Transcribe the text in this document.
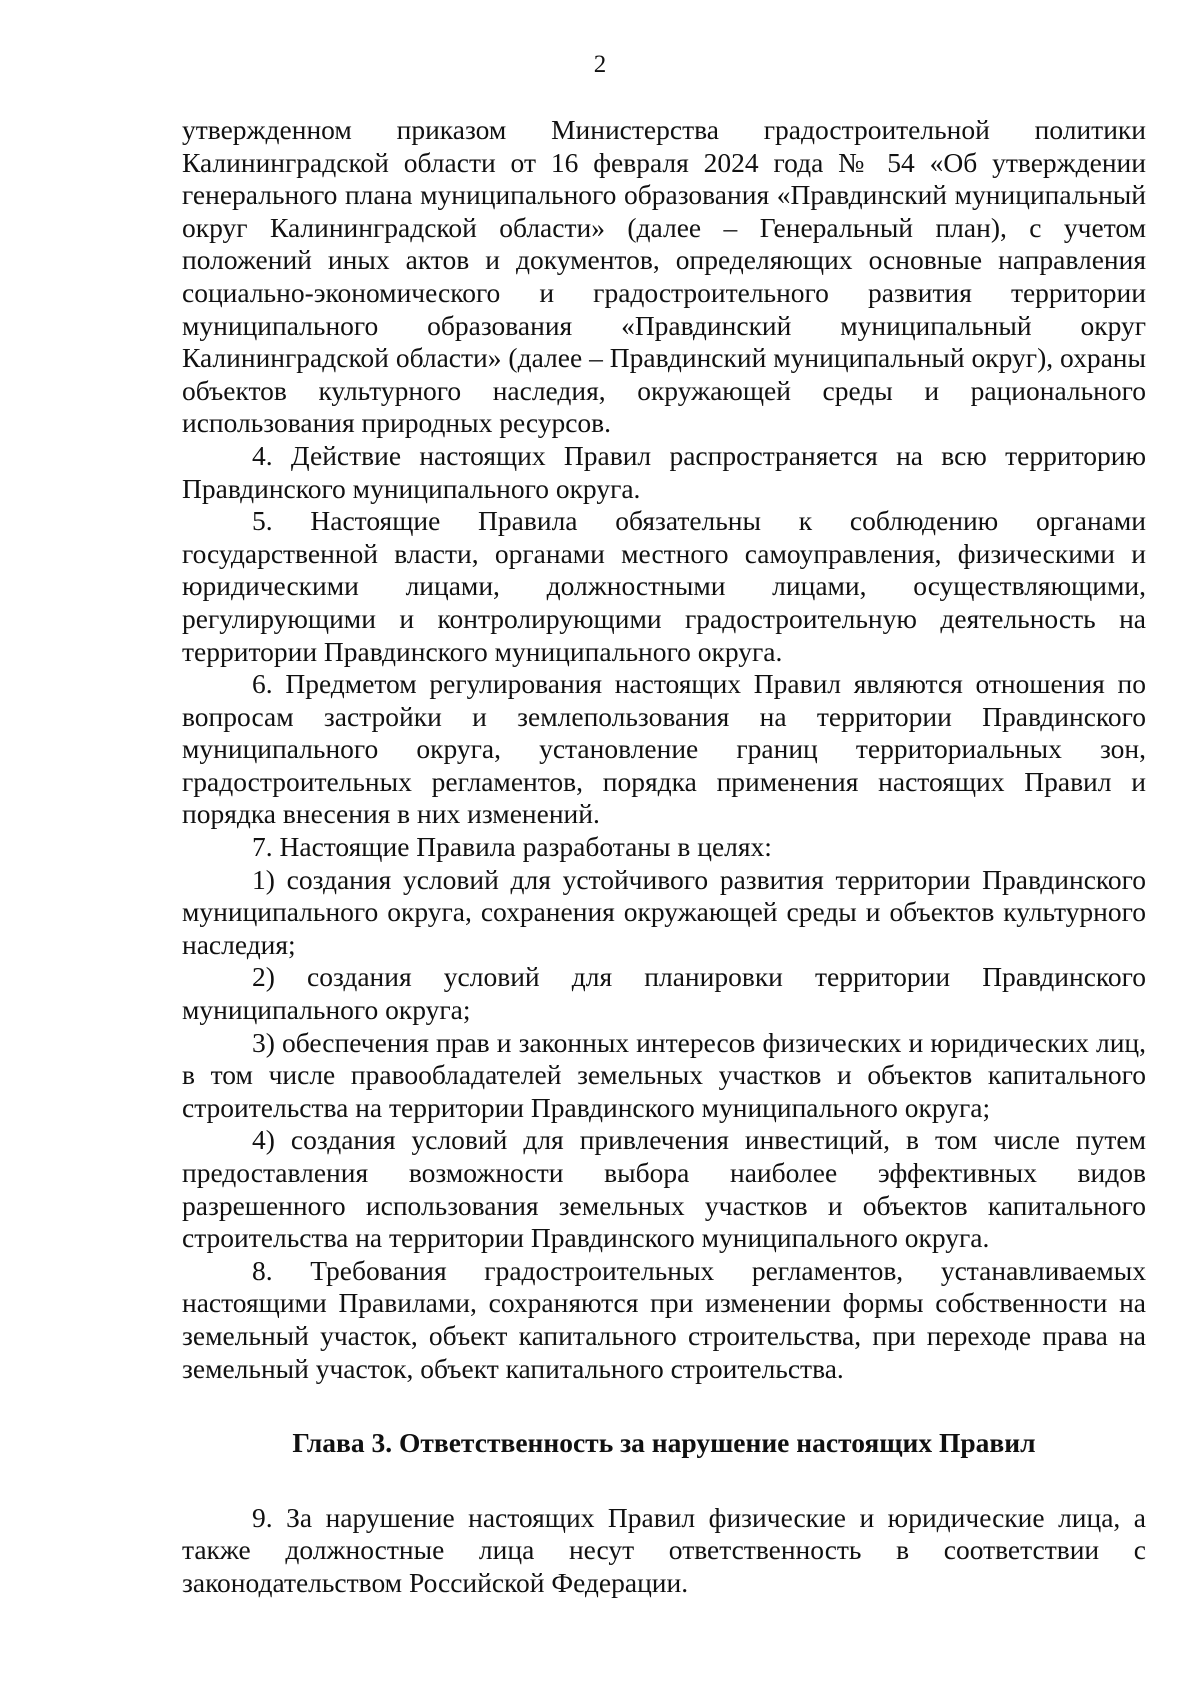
2

утвержденном приказом Министерства градостроительной политики Калининградской области от 16 февраля 2024 года № 54 «Об утверждении генерального плана муниципального образования «Правдинский муниципальный округ Калининградской области» (далее – Генеральный план), с учетом положений иных актов и документов, определяющих основные направления социально-экономического и градостроительного развития территории муниципального образования «Правдинский муниципальный округ Калининградской области» (далее – Правдинский муниципальный округ), охраны объектов культурного наследия, окружающей среды и рационального использования природных ресурсов.

4. Действие настоящих Правил распространяется на всю территорию Правдинского муниципального округа.

5. Настоящие Правила обязательны к соблюдению органами государственной власти, органами местного самоуправления, физическими и юридическими лицами, должностными лицами, осуществляющими, регулирующими и контролирующими градостроительную деятельность на территории Правдинского муниципального округа.

6. Предметом регулирования настоящих Правил являются отношения по вопросам застройки и землепользования на территории Правдинского муниципального округа, установление границ территориальных зон, градостроительных регламентов, порядка применения настоящих Правил и порядка внесения в них изменений.

7. Настоящие Правила разработаны в целях:

1) создания условий для устойчивого развития территории Правдинского муниципального округа, сохранения окружающей среды и объектов культурного наследия;

2) создания условий для планировки территории Правдинского муниципального округа;

3) обеспечения прав и законных интересов физических и юридических лиц, в том числе правообладателей земельных участков и объектов капитального строительства на территории Правдинского муниципального округа;

4) создания условий для привлечения инвестиций, в том числе путем предоставления возможности выбора наиболее эффективных видов разрешенного использования земельных участков и объектов капитального строительства на территории Правдинского муниципального округа.

8. Требования градостроительных регламентов, устанавливаемых настоящими Правилами, сохраняются при изменении формы собственности на земельный участок, объект капитального строительства, при переходе права на земельный участок, объект капитального строительства.

Глава 3. Ответственность за нарушение настоящих Правил

9. За нарушение настоящих Правил физические и юридические лица, а также должностные лица несут ответственность в соответствии с законодательством Российской Федерации.
